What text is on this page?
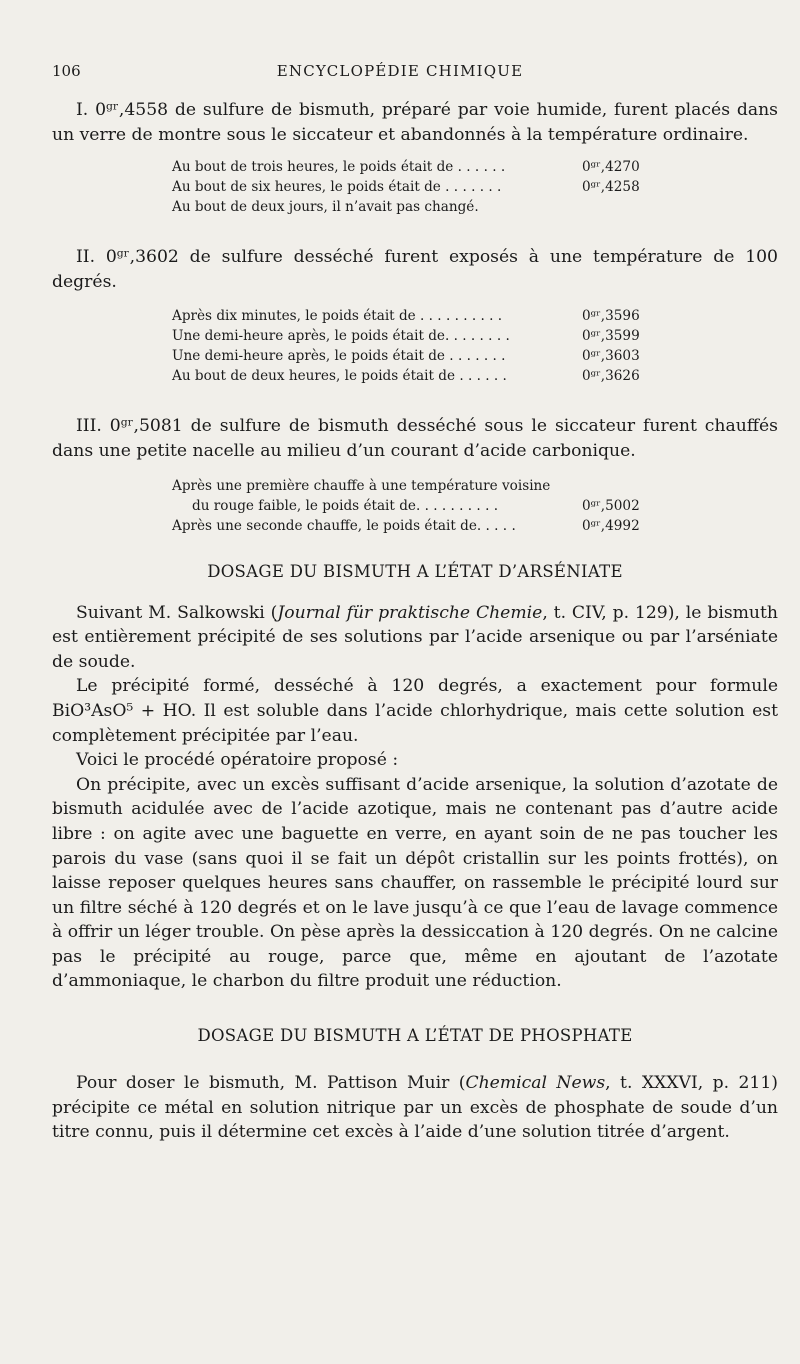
106	ENCYCLOPÉDIE CHIMIQUE

I. 0ᵍʳ,4558 de sulfure de bismuth, préparé par voie humide, furent placés dans un verre de montre sous le siccateur et abandonnés à la température ordinaire.

Au bout de trois heures, le poids était de . . . . . .	0ᵍʳ,4270
Au bout de six heures, le poids était de . . . . . . .	0ᵍʳ,4258
Au bout de deux jours, il n’avait pas changé.

II. 0ᵍʳ,3602 de sulfure desséché furent exposés à une température de 100 degrés.

Après dix minutes, le poids était de . . . . . . . . . .	0ᵍʳ,3596
Une demi-heure après, le poids était de. . . . . . . .	0ᵍʳ,3599
Une demi-heure après, le poids était de . . . . . . .	0ᵍʳ,3603
Au bout de deux heures, le poids était de . . . . . .	0ᵍʳ,3626

III. 0ᵍʳ,5081 de sulfure de bismuth desséché sous le siccateur furent chauffés dans une petite nacelle au milieu d’un courant d’acide carbonique.

Après une première chauffe à une température voisine
du rouge faible, le poids était de. . . . . . . . . .	0ᵍʳ,5002
Après une seconde chauffe, le poids était de. . . . .	0ᵍʳ,4992
DOSAGE DU BISMUTH A L’ÉTAT D’ARSÉNIATE

Suivant M. Salkowski (Journal für praktische Chemie, t. CIV, p. 129), le bismuth est entièrement précipité de ses solutions par l’acide arsenique ou par l’arséniate de soude.

Le précipité formé, desséché à 120 degrés, a exactement pour formule BiO³AsO⁵ + HO. Il est soluble dans l’acide chlorhydrique, mais cette solution est complètement précipitée par l’eau.

Voici le procédé opératoire proposé :

On précipite, avec un excès suffisant d’acide arsenique, la solution d’azotate de bismuth acidulée avec de l’acide azotique, mais ne contenant pas d’autre acide libre : on agite avec une baguette en verre, en ayant soin de ne pas toucher les parois du vase (sans quoi il se fait un dépôt cristallin sur les points frottés), on laisse reposer quelques heures sans chauffer, on rassemble le précipité lourd sur un filtre séché à 120 degrés et on le lave jusqu’à ce que l’eau de lavage commence à offrir un léger trouble. On pèse après la dessiccation à 120 degrés. On ne calcine pas le précipité au rouge, parce que, même en ajoutant de l’azotate d’ammoniaque, le charbon du filtre produit une réduction.

DOSAGE DU BISMUTH A L’ÉTAT DE PHOSPHATE

Pour doser le bismuth, M. Pattison Muir (Chemical News, t. XXXVI, p. 211) précipite ce métal en solution nitrique par un excès de phosphate de soude d’un titre connu, puis il détermine cet excès à l’aide d’une solution titrée d’argent.
